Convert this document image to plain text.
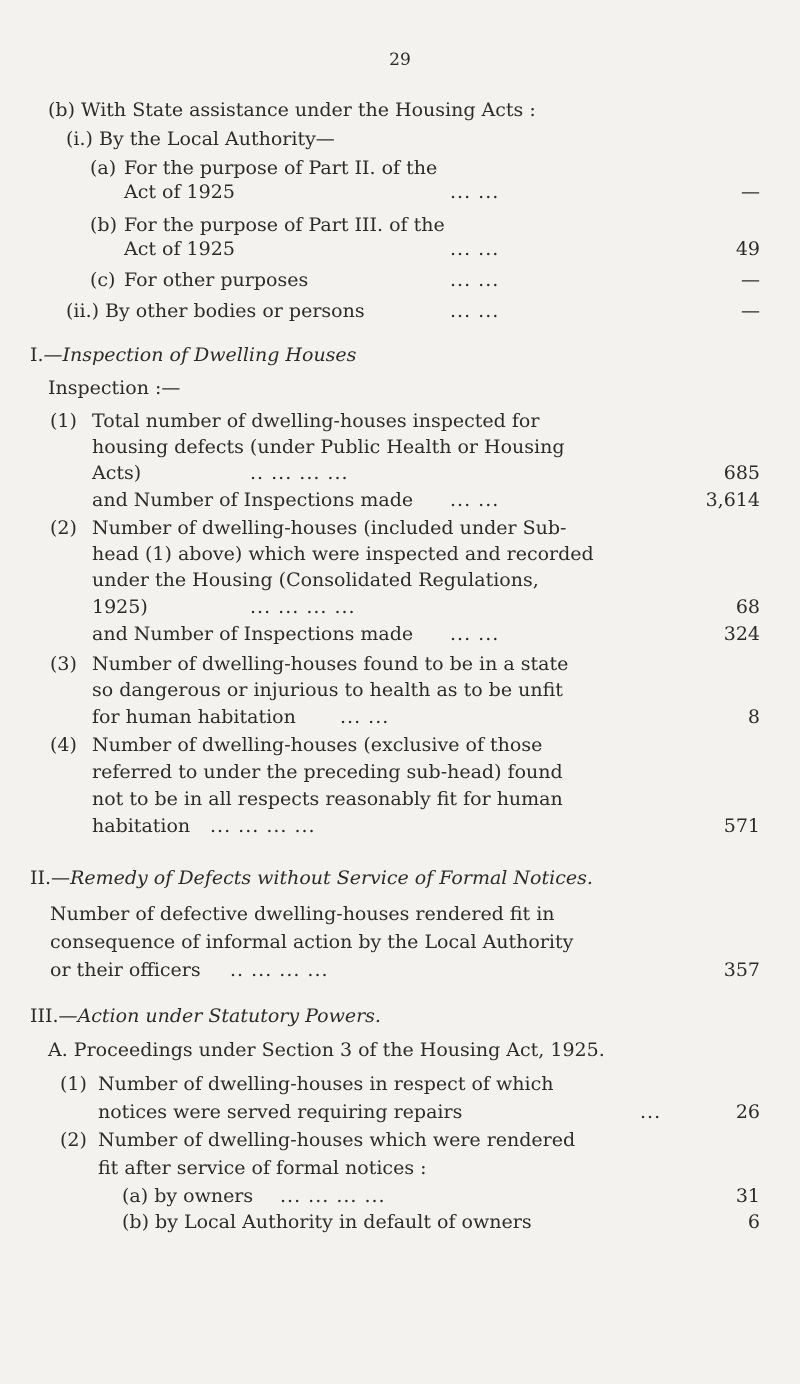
29
(b) With State assistance under the Housing Acts :
(i.) By the Local Authority—
(a) For the purpose of Part II. of the
Act of 1925	... ...	—
(b) For the purpose of Part III. of the
Act of 1925	... ...	49
(c) For other purposes	... ...	—
(ii.) By other bodies or persons	... ...	—
I.—Inspection of Dwelling Houses
Inspection :—
(1) Total number of dwelling-houses inspected for
housing defects (under Public Health or Housing
Acts)	.. ... ... ...	685
and Number of Inspections made ... ...	3,614
(2) Number of dwelling-houses (included under Sub-
head (1) above) which were inspected and recorded
under the Housing (Consolidated Regulations,
1925)	... ... ... ...	68
and Number of Inspections made ... ...	324
(3) Number of dwelling-houses found to be in a state
so dangerous or injurious to health as to be unfit
for human habitation ... ...	8
(4) Number of dwelling-houses (exclusive of those
referred to under the preceding sub-head) found
not to be in all respects reasonably fit for human
habitation ... ... ... ...	571
II.—Remedy of Defects without Service of Formal Notices.
Number of defective dwelling-houses rendered fit in
consequence of informal action by the Local Authority
or their officers .. ... ... ...	357
III.—Action under Statutory Powers.
A. Proceedings under Section 3 of the Housing Act, 1925.
(1) Number of dwelling-houses in respect of which
notices were served requiring repairs	...	26
(2) Number of dwelling-houses which were rendered
fit after service of formal notices :
(a) by owners ... ... ... ...	31
(b) by Local Authority in default of owners	6
